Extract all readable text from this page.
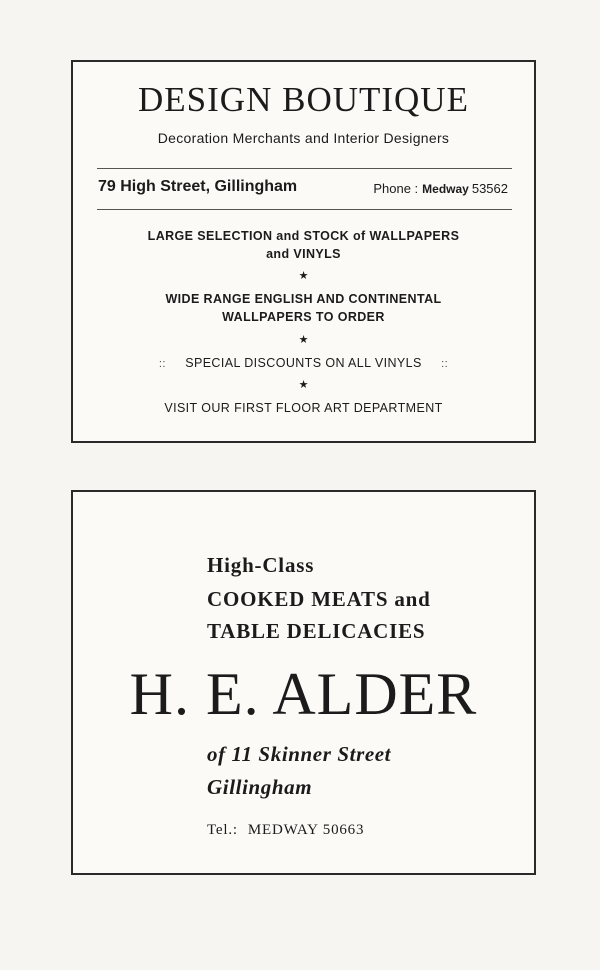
DESIGN BOUTIQUE
Decoration Merchants and Interior Designers
79 High Street, Gillingham	Phone : Medway 53562
LARGE SELECTION and STOCK of WALLPAPERS
and VINYLS
★
WIDE RANGE ENGLISH AND CONTINENTAL
WALLPAPERS TO ORDER
★
:: SPECIAL DISCOUNTS ON ALL VINYLS ::
★
VISIT OUR FIRST FLOOR ART DEPARTMENT
High-Class
COOKED MEATS and
TABLE DELICACIES
H. E. ALDER
of 11 Skinner Street
Gillingham
Tel.: MEDWAY 50663
